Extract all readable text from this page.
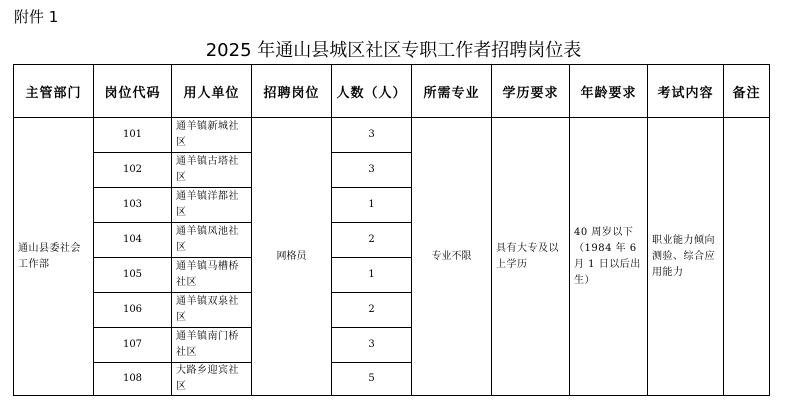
附件 1
2025 年通山县城区社区专职工作者招聘岗位表
主管部门	岗位代码	用人单位	招聘岗位	人数（人）	所需专业	学历要求	年龄要求	考试内容	备注
通山县委社会工作部	101	通羊镇新城社区	网格员	3	专业不限	具有大专及以上学历	40 周岁以下（1984 年 6 月 1 日以后出生）	职业能力倾向测验、综合应用能力	
	102	通羊镇古塔社区		3					
	103	通羊镇洋都社区		1					
	104	通羊镇凤池社区		2					
	105	通羊镇马槽桥社区		1					
	106	通羊镇双泉社区		2					
	107	通羊镇南门桥社区		3					
	108	大路乡迎宾社区		5					
